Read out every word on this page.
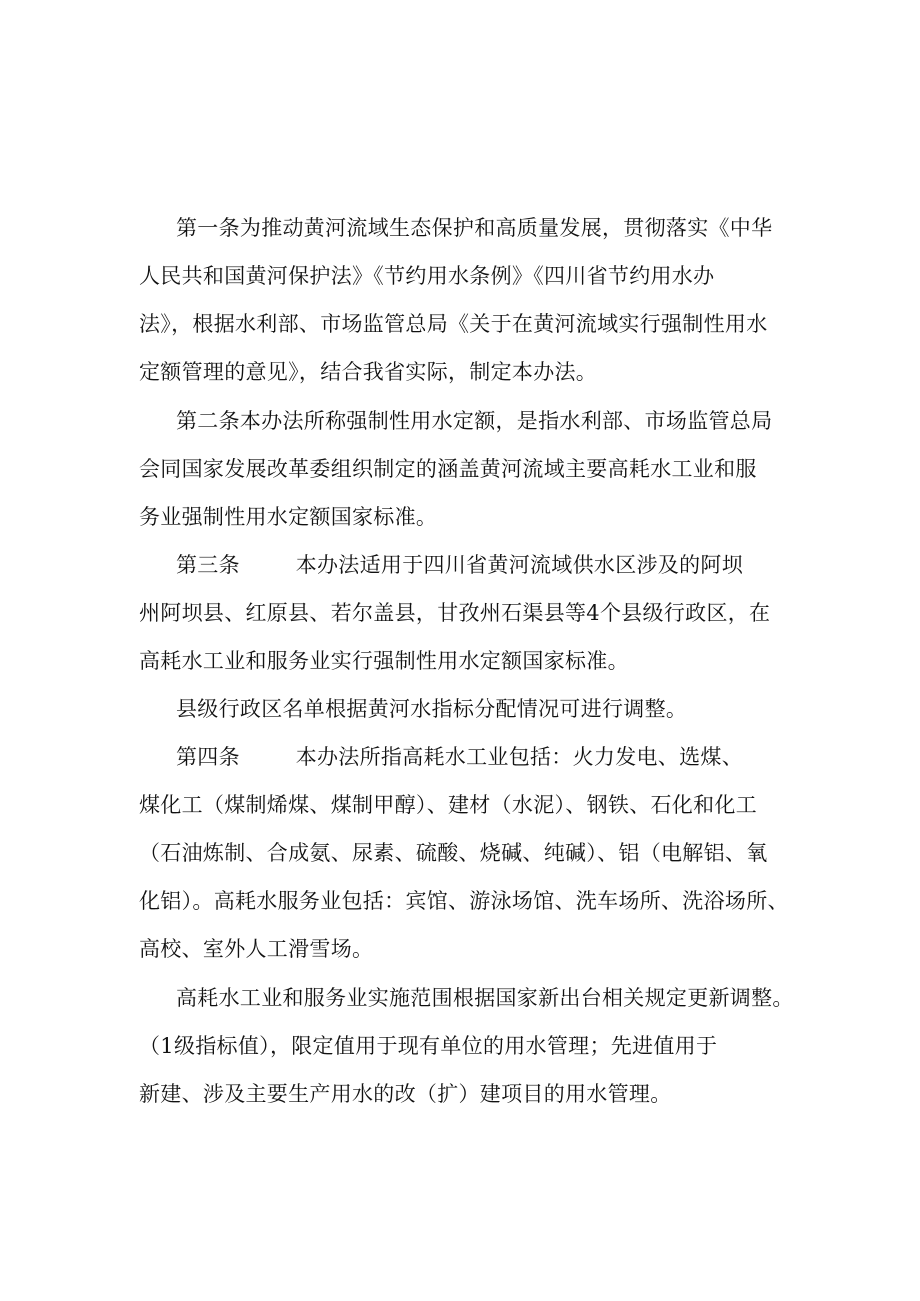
第一条为推动黄河流域生态保护和高质量发展，贯彻落实《中华
人民共和国黄河保护法》《节约用水条例》《四川省节约用水办
法》，根据水利部、市场监管总局《关于在黄河流域实行强制性用水
定额管理的意见》，结合我省实际，制定本办法。
第二条本办法所称强制性用水定额，是指水利部、市场监管总局
会同国家发展改革委组织制定的涵盖黄河流域主要高耗水工业和服
务业强制性用水定额国家标准。
第三条        本办法适用于四川省黄河流域供水区涉及的阿坝
州阿坝县、红原县、若尔盖县，甘孜州石渠县等4个县级行政区，在
高耗水工业和服务业实行强制性用水定额国家标准。
县级行政区名单根据黄河水指标分配情况可进行调整。
第四条        本办法所指高耗水工业包括：火力发电、选煤、
煤化工（煤制烯煤、煤制甲醇）、建材（水泥）、钢铁、石化和化工
（石油炼制、合成氨、尿素、硫酸、烧碱、纯碱）、铝（电解铝、氧
化铝）。高耗水服务业包括：宾馆、游泳场馆、洗车场所、洗浴场所、
高校、室外人工滑雪场。
高耗水工业和服务业实施范围根据国家新出台相关规定更新调整。
（1级指标值），限定值用于现有单位的用水管理；先进值用于
新建、涉及主要生产用水的改（扩）建项目的用水管理。
